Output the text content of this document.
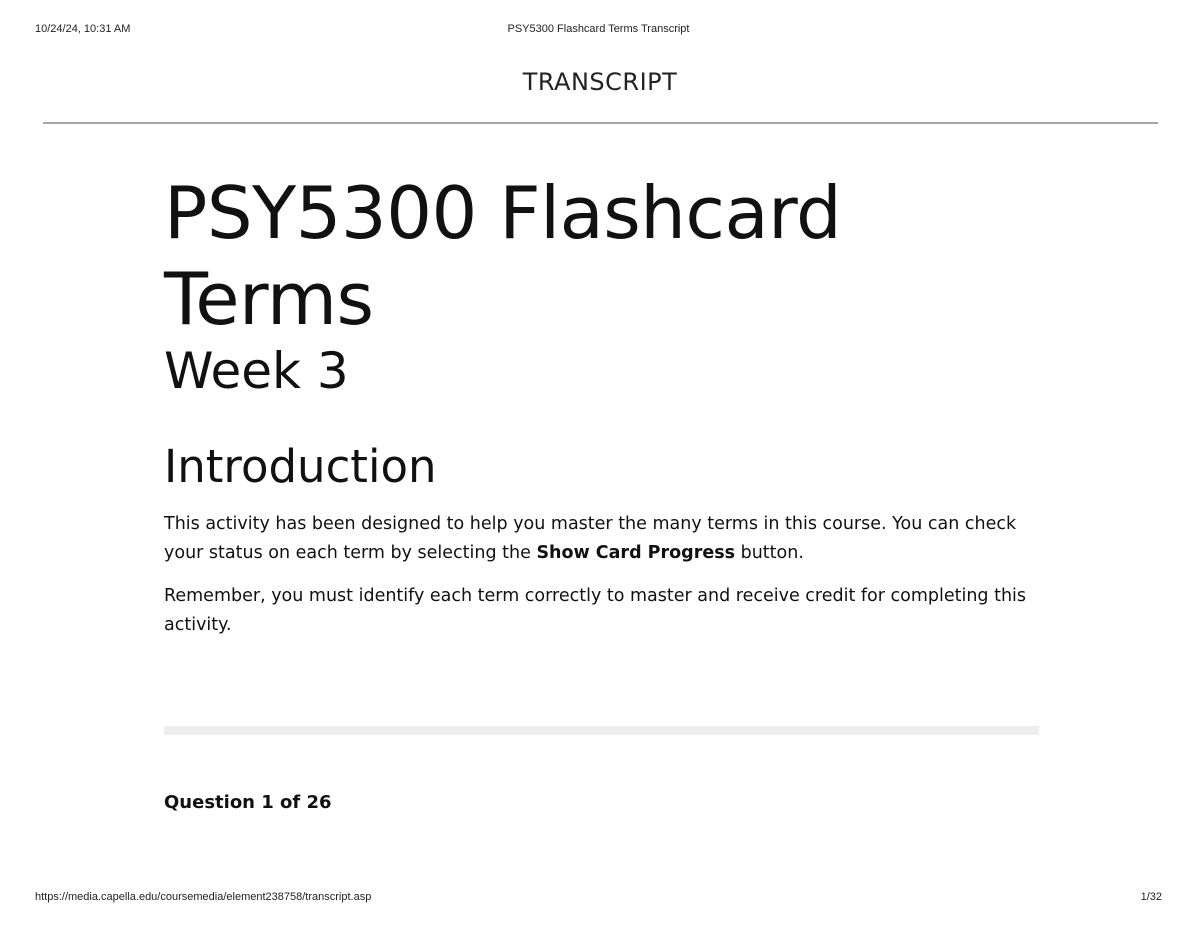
10/24/24, 10:31 AM	PSY5300 Flashcard Terms Transcript
TRANSCRIPT
PSY5300 Flashcard Terms
Week 3
Introduction

This activity has been designed to help you master the many terms in this course. You can check your status on each term by selecting the Show Card Progress button.

Remember, you must identify each term correctly to master and receive credit for completing this activity.

Question 1 of 26
https://media.capella.edu/coursemedia/element238758/transcript.asp	1/32
